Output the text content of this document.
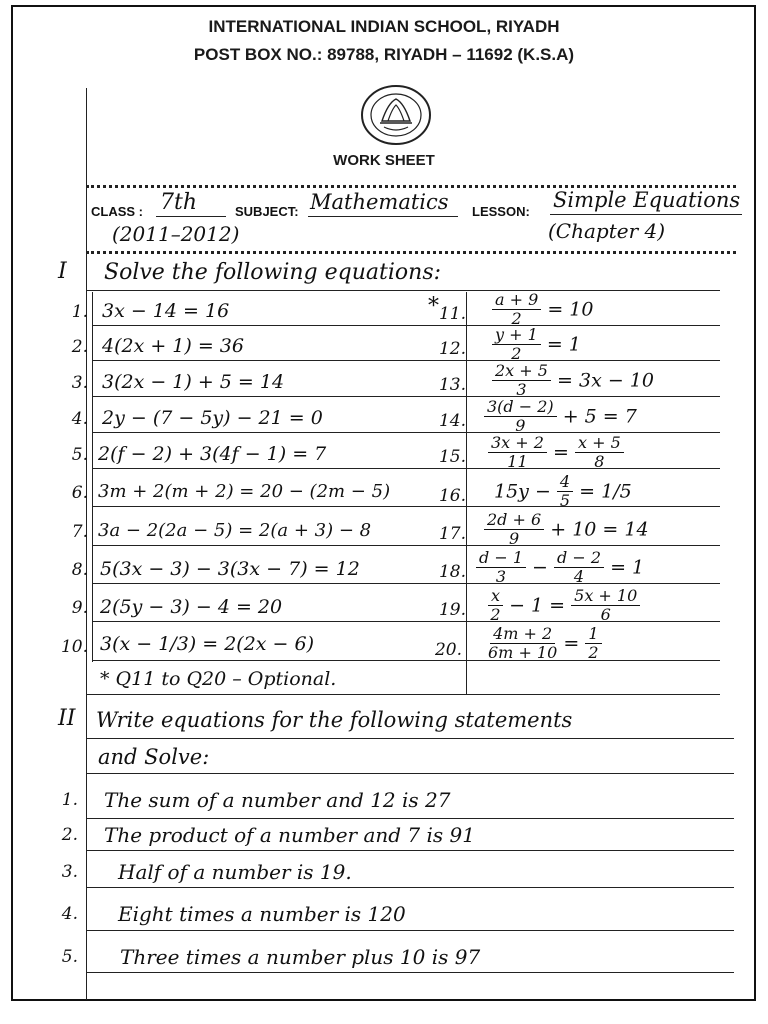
INTERNATIONAL INDIAN SCHOOL, RIYADH
POST BOX NO.: 89788, RIYADH – 11692 (K.S.A)
WORK SHEET
CLASS : 7th	SUBJECT: Mathematics LESSON: Simple Equations
(2011–2012)	(Chapter 4)
I Solve the following equations:
1. 3x − 14 = 16
2. 4(2x + 1) = 36
3. 3(2x − 1) + 5 = 14
4. 2y − (7 − 5y) − 21 = 0
5. 2(f − 2) + 3(4f − 1) = 7
6. 3m + 2(m + 2) = 20 − (2m − 5)
7. 3a − 2(2a − 5) = 2(a + 3) − 8
8. 5(3x − 3) − 3(3x − 7) = 12
9. 2(5y − 3) − 4 = 20
10. 3(x − 1/3) = 2(2x − 6)
* 11. $\frac{a + 9}{2} = 10$
12. $\frac{y + 1}{2} = 1$
13. $\frac{2x + 5}{3} = 3x - 10$
14. $\frac{3(d - 2)}{9} + 5 = 7$
15. $\frac{3x + 2}{11} = \frac{x + 5}{8}$
16. $15y - \frac{4}{5} = 1/5$
17. $\frac{2d + 6}{9} + 10 = 14$
18. $\frac{d - 1}{3} - \frac{d - 2}{4} = 1$
19. $\frac{x}{2} - 1 = \frac{5x + 10}{6}$
20. $\frac{4m + 2}{6m + 10} = \frac{1}{2}$
* Q11 to Q20 – Optional.
II Write equations for the following statements
and Solve:
1. The sum of a number and 12 is 27
2. The product of a number and 7 is 91
3. Half of a number is 19.
4. Eight times a number is 120
5. Three times a number plus 10 is 97
